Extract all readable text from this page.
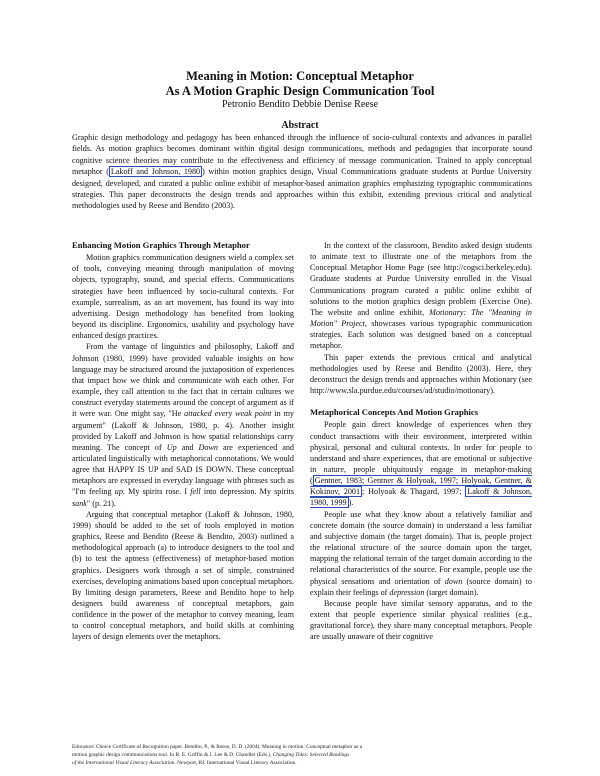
Meaning in Motion: Conceptual Metaphor
As A Motion Graphic Design Communication Tool
Petronio Bendito Debbie Denise Reese
Abstract
Graphic design methodology and pedagogy has been enhanced through the influence of socio-cultural contexts and advances in parallel fields. As motion graphics becomes dominant within digital design communications, methods and pedagogies that incorporate sound cognitive science theories may contribute to the effectiveness and efficiency of message communication. Trained to apply conceptual metaphor ( Lakoff and Johnson, 1980 ) within motion graphics design, Visual Communications graduate students at Purdue University designed, developed, and curated a public online exhibit of metaphor-based animation graphics emphasizing typographic communications strategies. This paper deconstructs the design trends and approaches within this exhibit, extending previous critical and analytical methodologies used by Reese and Bendito (2003).
Enhancing Motion Graphics Through Metaphor

Motion graphics communication designers wield a complex set of tools, conveying meaning through manipulation of moving objects, typography, sound, and special effects. Communications strategies have been influenced by socio-cultural contexts. For example, surrealism, as an art movement, has found its way into advertising. Design methodology has benefited from looking beyond its discipline. Ergonomics, usability and psychology have enhanced design practices.

From the vantage of linguistics and philosophy, Lakoff and Johnson (1980, 1999) have provided valuable insights on how language may be structured around the juxtaposition of experiences that impact how we think and communicate with each other. For example, they call attention to the fact that in certain cultures we construct everyday statements around the concept of argument as if it were war. One might say, "He attacked every weak point in my argument" (Lakoff & Johnson, 1980, p. 4). Another insight provided by Lakoff and Johnson is how spatial relationships carry meaning. The concept of Up and Down are experienced and articulated linguistically with metaphorical connotations. We would agree that HAPPY IS UP and SAD IS DOWN. These conceptual metaphors are expressed in everyday language with phrases such as "I'm feeling up. My spirits rose. I fell into depression. My spirits sank" (p. 21).

Arguing that conceptual metaphor (Lakoff & Johnson, 1980, 1999) should be added to the set of tools employed in motion graphics, Reese and Bendito (Reese & Bendito, 2003) outlined a methodological approach (a) to introduce designers to the tool and (b) to test the aptness (effectiveness) of metaphor-based motion graphics. Designers work through a set of simple, constrained exercises, developing animations based upon conceptual metaphors. By limiting design parameters, Reese and Bendito hope to help designers build awareness of conceptual metaphors, gain confidence in the power of the metaphor to convey meaning, learn to control conceptual metaphors, and build skills at combining layers of design elements over the metaphors.

In the context of the classroom, Bendito asked design students to animate text to illustrate one of the metaphors from the Conceptual Metaphor Home Page (see http://cogsci.berkeley.edu). Graduate students at Purdue University enrolled in the Visual Communications program curated a public online exhibit of solutions to the motion graphics design problem (Exercise One). The website and online exhibit, Motionary: The "Meaning in Motion" Project, showcases various typographic communication strategies. Each solution was designed based on a conceptual metaphor.

This paper extends the previous critical and analytical methodologies used by Reese and Bendito (2003). Here, they deconstruct the design trends and approaches within Motionary (see http://www.sla.purdue.edu/courses/ad/studio/motionary).

Metaphorical Concepts And Motion Graphics

People gain direct knowledge of experiences when they conduct transactions with their environment, interpreted within physical, personal and cultural contexts. In order for people to understand and share experiences, that are emotional or subjective in nature, people ubiquitously engage in metaphor-making ( Gentner, 1983; Gentner & Holyoak, 1997; Holyoak, Gentner, & Kokinov, 2001 ; Holyoak & Thagard, 1997; Lakoff & Johnson, 1980, 1999 ).

People use what they know about a relatively familiar and concrete domain (the source domain) to understand a less familiar and subjective domain (the target domain). That is, people project the relational structure of the source domain upon the target, mapping the relational terrain of the target domain according to the relational characteristics of the source. For example, people use the physical sensations and orientation of down (source domain) to explain their feelings of depression (target domain).

Because people have similar sensory apparatus, and to the extent that people experience similar physical realities (e.g., gravitational force), they share many conceptual metaphors. People are usually unaware of their cognitive

Educators' Choice Certificate of Recognition paper. Bendito, P., & Reese, D. D. (2004). Meaning in motion: Conceptual metaphor as a
motion graphic design communications tool. In R. E. Griffin & J. Lee & D. Chandler (Eds.), Changing Tides: Selected Readings
of the International Visual Literacy Association. Newport, RI: International Visual Literacy Association.
